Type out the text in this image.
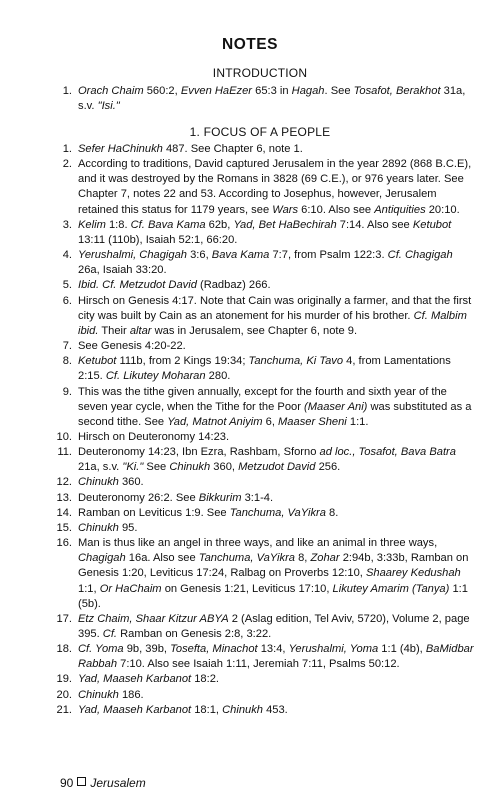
NOTES
INTRODUCTION
1. Orach Chaim 560:2, Evven HaEzer 65:3 in Hagah. See Tosafot, Berakhot 31a, s.v. "Isi."
1. FOCUS OF A PEOPLE
1. Sefer HaChinukh 487. See Chapter 6, note 1.
2. According to traditions, David captured Jerusalem in the year 2892 (868 B.C.E), and it was destroyed by the Romans in 3828 (69 C.E.), or 976 years later. See Chapter 7, notes 22 and 53. According to Josephus, however, Jerusalem retained this status for 1179 years, see Wars 6:10. Also see Antiquities 20:10.
3. Kelim 1:8. Cf. Bava Kama 62b, Yad, Bet HaBechirah 7:14. Also see Ketubot 13:11 (110b), Isaiah 52:1, 66:20.
4. Yerushalmi, Chagigah 3:6, Bava Kama 7:7, from Psalm 122:3. Cf. Chagigah 26a, Isaiah 33:20.
5. Ibid. Cf. Metzudot David (Radbaz) 266.
6. Hirsch on Genesis 4:17. Note that Cain was originally a farmer, and that the first city was built by Cain as an atonement for his murder of his brother. Cf. Malbim ibid. Their altar was in Jerusalem, see Chapter 6, note 9.
7. See Genesis 4:20-22.
8. Ketubot 111b, from 2 Kings 19:34; Tanchuma, Ki Tavo 4, from Lamentations 2:15. Cf. Likutey Moharan 280.
9. This was the tithe given annually, except for the fourth and sixth year of the seven year cycle, when the Tithe for the Poor (Maaser Ani) was substituted as a second tithe. See Yad, Matnot Aniyim 6, Maaser Sheni 1:1.
10. Hirsch on Deuteronomy 14:23.
11. Deuteronomy 14:23, Ibn Ezra, Rashbam, Sforno ad loc., Tosafot, Bava Batra 21a, s.v. "Ki." See Chinukh 360, Metzudot David 256.
12. Chinukh 360.
13. Deuteronomy 26:2. See Bikkurim 3:1-4.
14. Ramban on Leviticus 1:9. See Tanchuma, VaYikra 8.
15. Chinukh 95.
16. Man is thus like an angel in three ways, and like an animal in three ways, Chagigah 16a. Also see Tanchuma, VaYikra 8, Zohar 2:94b, 3:33b, Ramban on Genesis 1:20, Leviticus 17:24, Ralbag on Proverbs 12:10, Shaarey Kedushah 1:1, Or HaChaim on Genesis 1:21, Leviticus 17:10, Likutey Amarim (Tanya) 1:1 (5b).
17. Etz Chaim, Shaar Kitzur ABYA 2 (Aslag edition, Tel Aviv, 5720), Volume 2, page 395. Cf. Ramban on Genesis 2:8, 3:22.
18. Cf. Yoma 9b, 39b, Tosefta, Minachot 13:4, Yerushalmi, Yoma 1:1 (4b), BaMidbar Rabbah 7:10. Also see Isaiah 1:11, Jeremiah 7:11, Psalms 50:12.
19. Yad, Maaseh Karbanot 18:2.
20. Chinukh 186.
21. Yad, Maaseh Karbanot 18:1, Chinukh 453.
90 Jerusalem
